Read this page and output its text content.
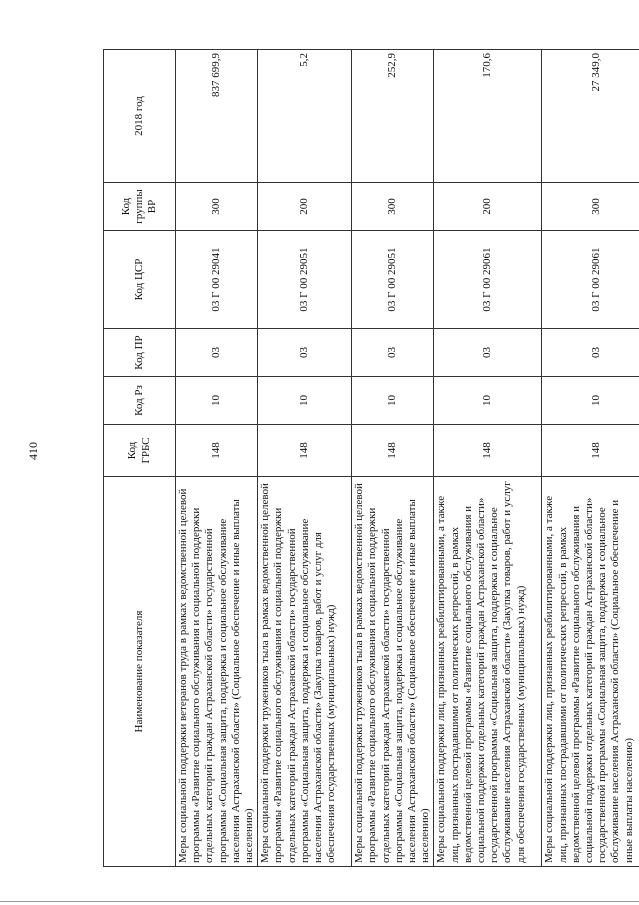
410
Наименование показателя	Код ГРБС	Код Рз	Код ПР	Код ЦСР	Код группы ВР	2018 год
Меры социальной поддержки ветеранов труда в рамках ведомственной целевой программы «Развитие социального обслуживания и социальной поддержки отдельных категорий граждан Астраханской области» государственной программы «Социальная защита, поддержка и социальное обслуживание населения Астраханской области» (Социальное обеспечение и иные выплаты населению)	148	10	03	03 Г 00 29041	300	837 699,9
Меры социальной поддержки тружеников тыла в рамках ведомственной целевой программы «Развитие социального обслуживания и социальной поддержки отдельных категорий граждан Астраханской области» государственной программы «Социальная защита, поддержка и социальное обслуживание населения Астраханской области» (Закупка товаров, работ и услуг для обеспечения государственных (муниципальных) нужд)	148	10	03	03 Г 00 29051	200	5,2
Меры социальной поддержки тружеников тыла в рамках ведомственной целевой программы «Развитие социального обслуживания и социальной поддержки отдельных категорий граждан Астраханской области» государственной программы «Социальная защита, поддержка и социальное обслуживание населения Астраханской области» (Социальное обеспечение и иные выплаты населению)	148	10	03	03 Г 00 29051	300	252,9
Меры социальной поддержки лиц, признанных реабилитированными, а также лиц, признанных пострадавшими от политических репрессий, в рамках ведомственной целевой программы «Развитие социального обслуживания и социальной поддержки отдельных категорий граждан Астраханской области» государственной программы «Социальная защита, поддержка и социальное обслуживание населения Астраханской области» (Закупка товаров, работ и услуг для обеспечения государственных (муниципальных) нужд)	148	10	03	03 Г 00 29061	200	170,6
Меры социальной поддержки лиц, признанных реабилитированными, а также лиц, признанных пострадавшими от политических репрессий, в рамках ведомственной целевой программы «Развитие социального обслуживания и социальной поддержки отдельных категорий граждан Астраханской области» государственной программы «Социальная защита, поддержка и социальное обслуживание населения Астраханской области» (Социальное обеспечение и иные выплаты населению)	148	10	03	03 Г 00 29061	300	27 349,0
